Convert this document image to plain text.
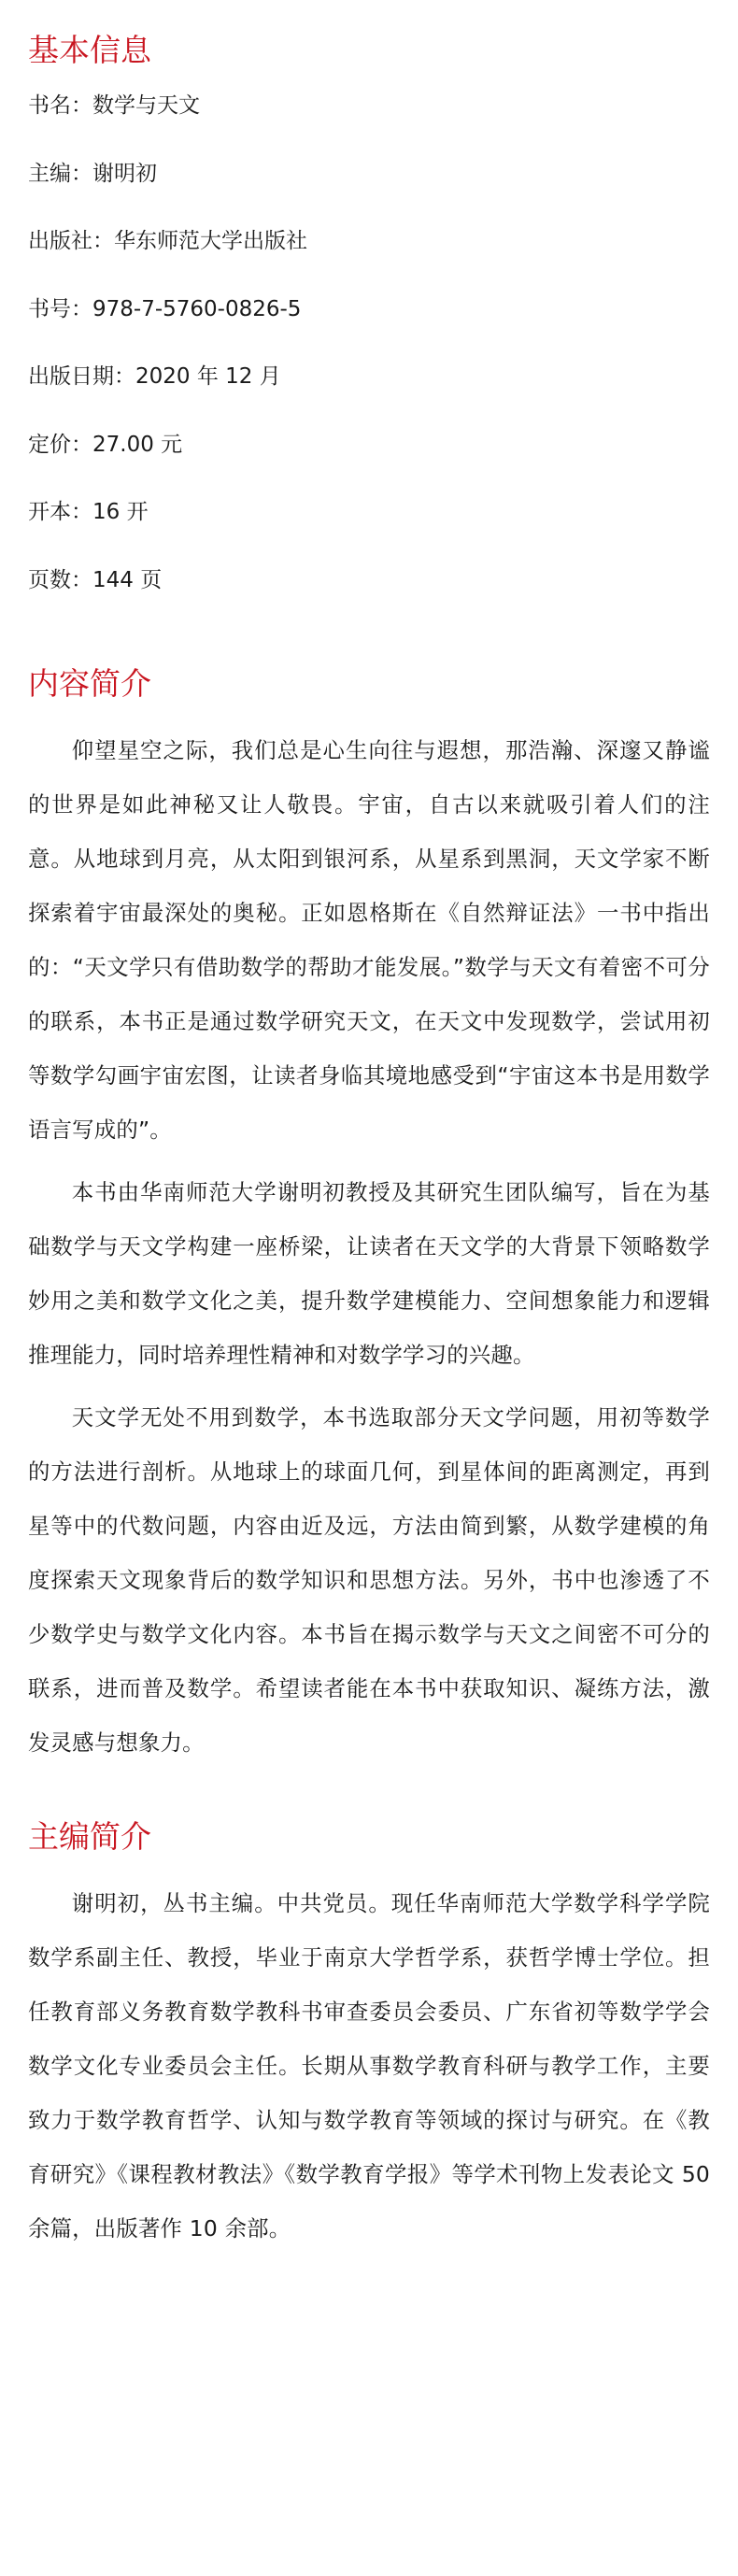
基本信息
书名 ： 数学与天文
主编 ： 谢明初
出版社 ： 华东师范大学出版社
书号 ： 978-7-5760-0826-5
出版日期 ： 2020 年 12 月
定价 ： 27.00 元
开本 ： 16 开
页数 ： 144 页
内容简介

仰望星空之际，我们总是心生向往与遐想，那浩瀚、深邃又静谧的世界是如此神秘又让人敬畏。宇宙，自古以来就吸引着人们的注意。从地球到月亮，从太阳到银河系，从星系到黑洞，天文学家不断探索着宇宙最深处的奥秘。正如恩格斯在《自然辩证法》一书中指出的：“天文学只有借助数学的帮助才能发展。”数学与天文有着密不可分的联系，本书正是通过数学研究天文，在天文中发现数学，尝试用初等数学勾画宇宙宏图，让读者身临其境地感受到“宇宙这本书是用数学语言写成的”。

本书由华南师范大学谢明初教授及其研究生团队编写，旨在为基础数学与天文学构建一座桥梁，让读者在天文学的大背景下领略数学妙用之美和数学文化之美，提升数学建模能力、空间想象能力和逻辑推理能力，同时培养理性精神和对数学学习的兴趣。

天文学无处不用到数学，本书选取部分天文学问题，用初等数学的方法进行剖析。从地球上的球面几何，到星体间的距离测定，再到星等中的代数问题，内容由近及远，方法由简到繁，从数学建模的角度探索天文现象背后的数学知识和思想方法。另外，书中也渗透了不少数学史与数学文化内容。本书旨在揭示数学与天文之间密不可分的联系，进而普及数学。希望读者能在本书中获取知识、凝练方法，激发灵感与想象力。

主编简介

谢明初，丛书主编。中共党员。现任华南师范大学数学科学学院数学系副主任、教授，毕业于南京大学哲学系，获哲学博士学位。担任教育部义务教育数学教科书审查委员会委员、广东省初等数学学会数学文化专业委员会主任。长期从事数学教育科研与教学工作，主要致力于数学教育哲学、认知与数学教育等领域的探讨与研究。在《教育研究》《课程教材教法》《数学教育学报》等学术刊物上发表论文 50 余篇，出版著作 10 余部。
